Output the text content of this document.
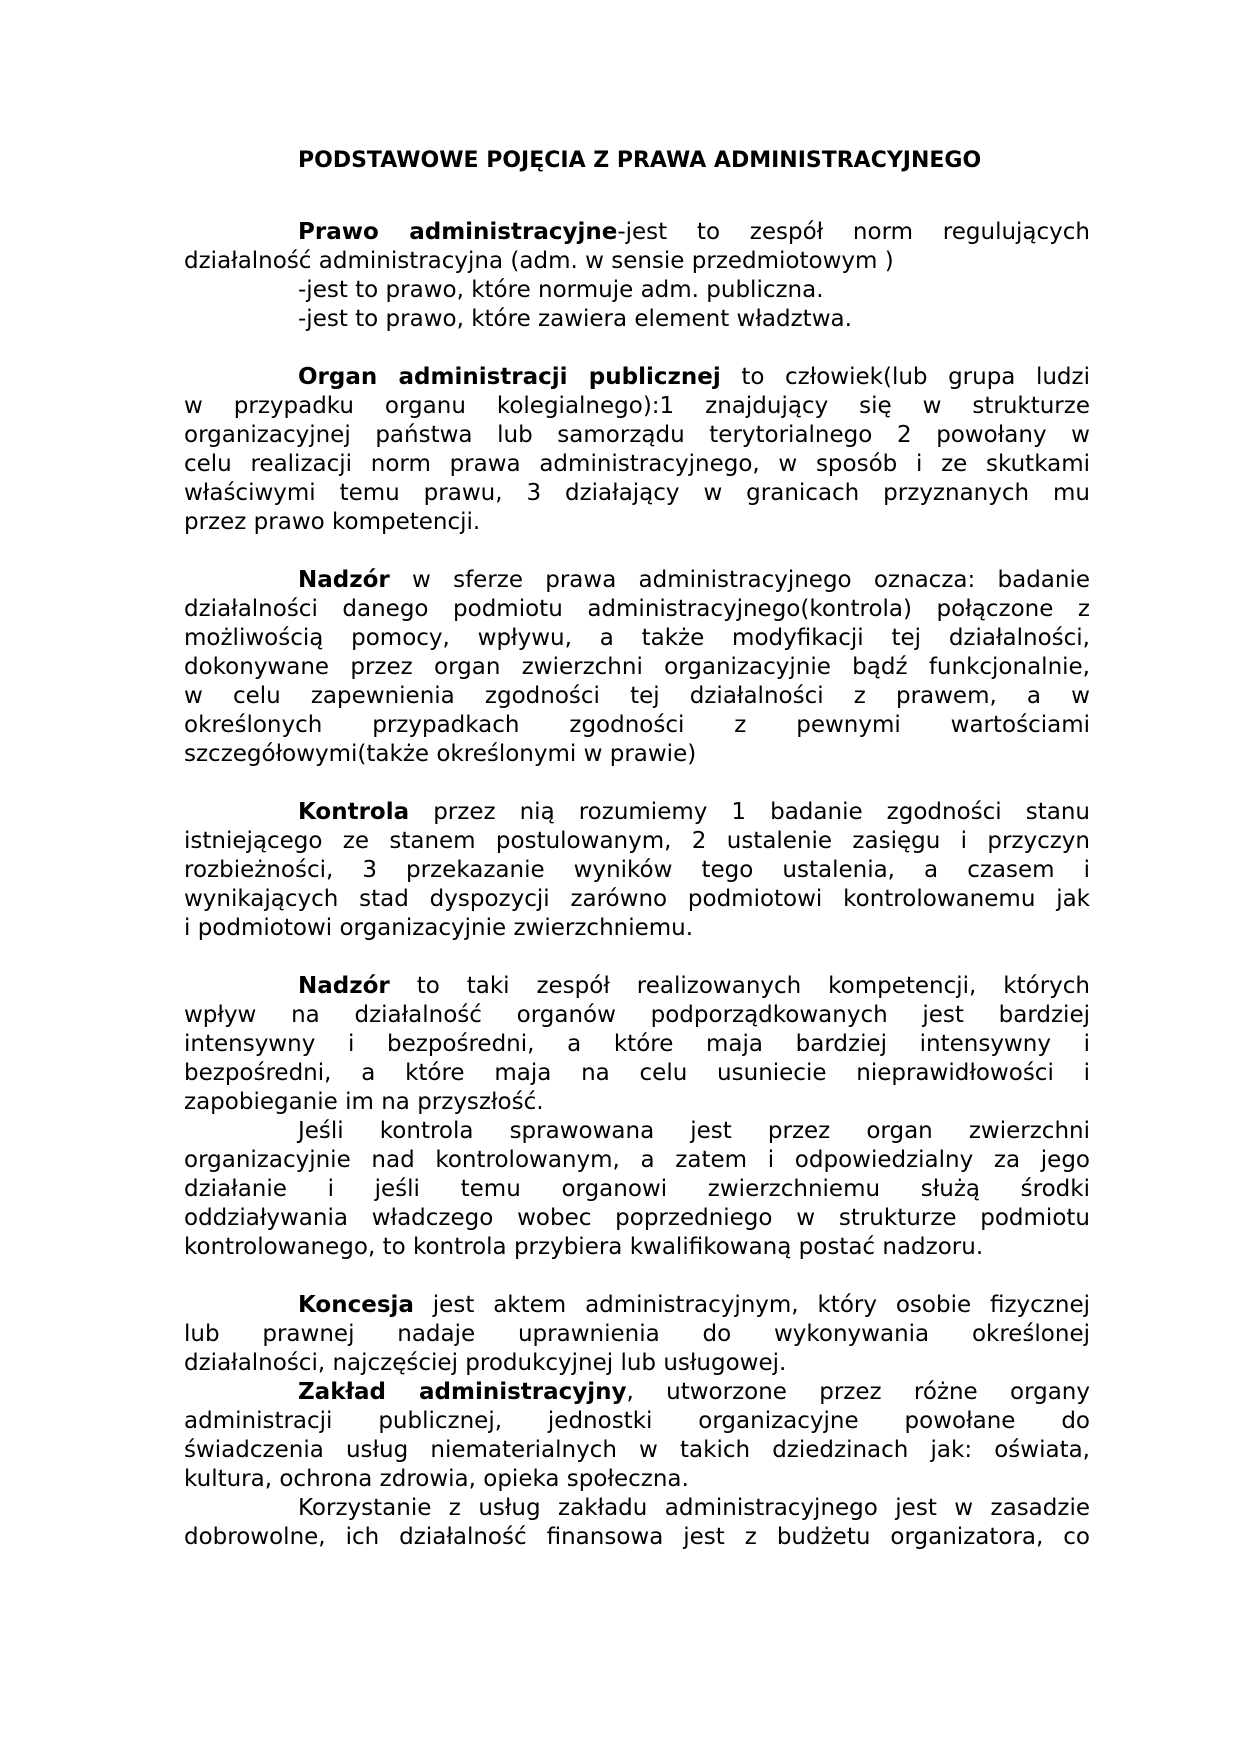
PODSTAWOWE POJĘCIA Z PRAWA ADMINISTRACYJNEGO
Prawo administracyjne-jest to zespół norm regulujących
działalność administracyjna (adm. w sensie przedmiotowym )
-jest to prawo, które normuje adm. publiczna.
-jest to prawo, które zawiera element władztwa.
Organ administracji publicznej to człowiek(lub grupa ludzi
w przypadku organu kolegialnego):1 znajdujący się w strukturze
organizacyjnej państwa lub samorządu terytorialnego 2 powołany w
celu realizacji norm prawa administracyjnego, w sposób i ze skutkami
właściwymi temu prawu, 3 działający w granicach przyznanych mu
przez prawo kompetencji.
Nadzór w sferze prawa administracyjnego oznacza: badanie
działalności danego podmiotu administracyjnego(kontrola) połączone z
możliwością pomocy, wpływu, a także modyfikacji tej działalności,
dokonywane przez organ zwierzchni organizacyjnie bądź funkcjonalnie,
w celu zapewnienia zgodności tej działalności z prawem, a w
określonych przypadkach zgodności z pewnymi wartościami
szczegółowymi(także określonymi w prawie)
Kontrola przez nią rozumiemy 1 badanie zgodności stanu
istniejącego ze stanem postulowanym, 2 ustalenie zasięgu i przyczyn
rozbieżności, 3 przekazanie wyników tego ustalenia, a czasem i
wynikających stad dyspozycji zarówno podmiotowi kontrolowanemu jak
i podmiotowi organizacyjnie zwierzchniemu.
Nadzór to taki zespół realizowanych kompetencji, których
wpływ na działalność organów podporządkowanych jest bardziej
intensywny i bezpośredni, a które maja bardziej intensywny i
bezpośredni, a które maja na celu usuniecie nieprawidłowości i
zapobieganie im na przyszłość.
Jeśli kontrola sprawowana jest przez organ zwierzchni
organizacyjnie nad kontrolowanym, a zatem i odpowiedzialny za jego
działanie i jeśli temu organowi zwierzchniemu służą środki
oddziaływania władczego wobec poprzedniego w strukturze podmiotu
kontrolowanego, to kontrola przybiera kwalifikowaną postać nadzoru.
Koncesja jest aktem administracyjnym, który osobie fizycznej
lub prawnej nadaje uprawnienia do wykonywania określonej
działalności, najczęściej produkcyjnej lub usługowej.
Zakład administracyjny, utworzone przez różne organy
administracji publicznej, jednostki organizacyjne powołane do
świadczenia usług niematerialnych w takich dziedzinach jak: oświata,
kultura, ochrona zdrowia, opieka społeczna.
Korzystanie z usług zakładu administracyjnego jest w zasadzie
dobrowolne, ich działalność finansowa jest z budżetu organizatora, co
